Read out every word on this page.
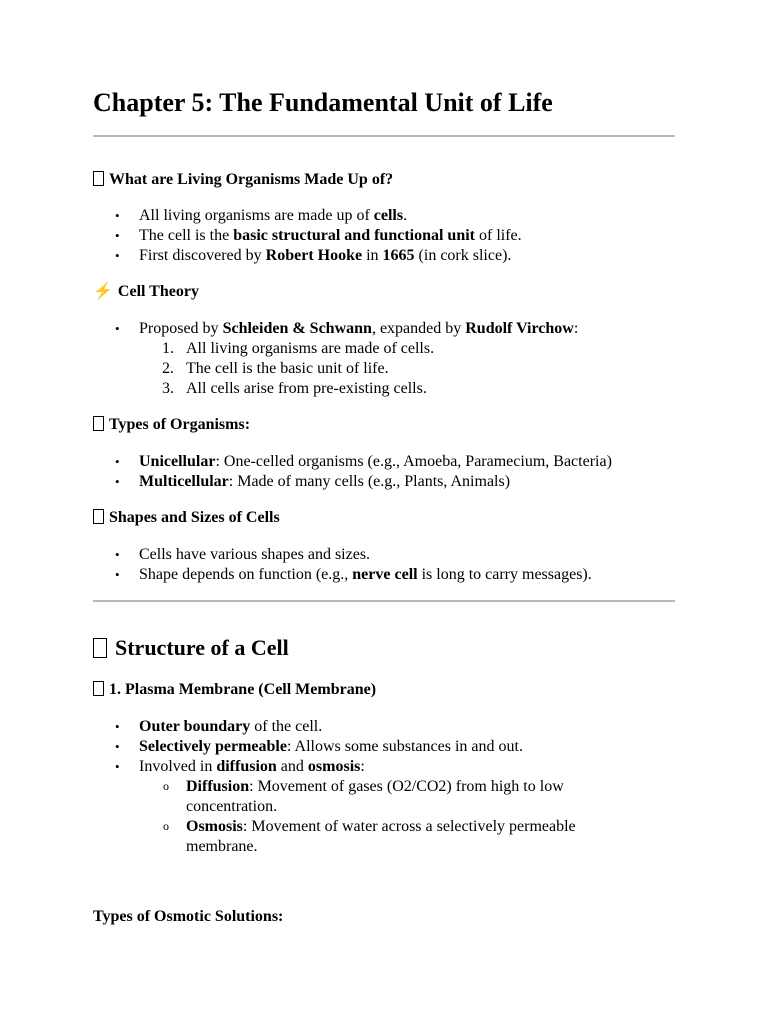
Chapter 5: The Fundamental Unit of Life
What are Living Organisms Made Up of?
• All living organisms are made up of cells.
• The cell is the basic structural and functional unit of life.
• First discovered by Robert Hooke in 1665 (in cork slice).
⚡ Cell Theory
• Proposed by Schleiden & Schwann, expanded by Rudolf Virchow:
1. All living organisms are made of cells.
2. The cell is the basic unit of life.
3. All cells arise from pre-existing cells.
Types of Organisms:
• Unicellular: One-celled organisms (e.g., Amoeba, Paramecium, Bacteria)
• Multicellular: Made of many cells (e.g., Plants, Animals)
Shapes and Sizes of Cells
• Cells have various shapes and sizes.
• Shape depends on function (e.g., nerve cell is long to carry messages).
Structure of a Cell
1. Plasma Membrane (Cell Membrane)
• Outer boundary of the cell.
• Selectively permeable: Allows some substances in and out.
• Involved in diffusion and osmosis:
o Diffusion: Movement of gases (O2/CO2) from high to low concentration.
o Osmosis: Movement of water across a selectively permeable membrane.
Types of Osmotic Solutions:
